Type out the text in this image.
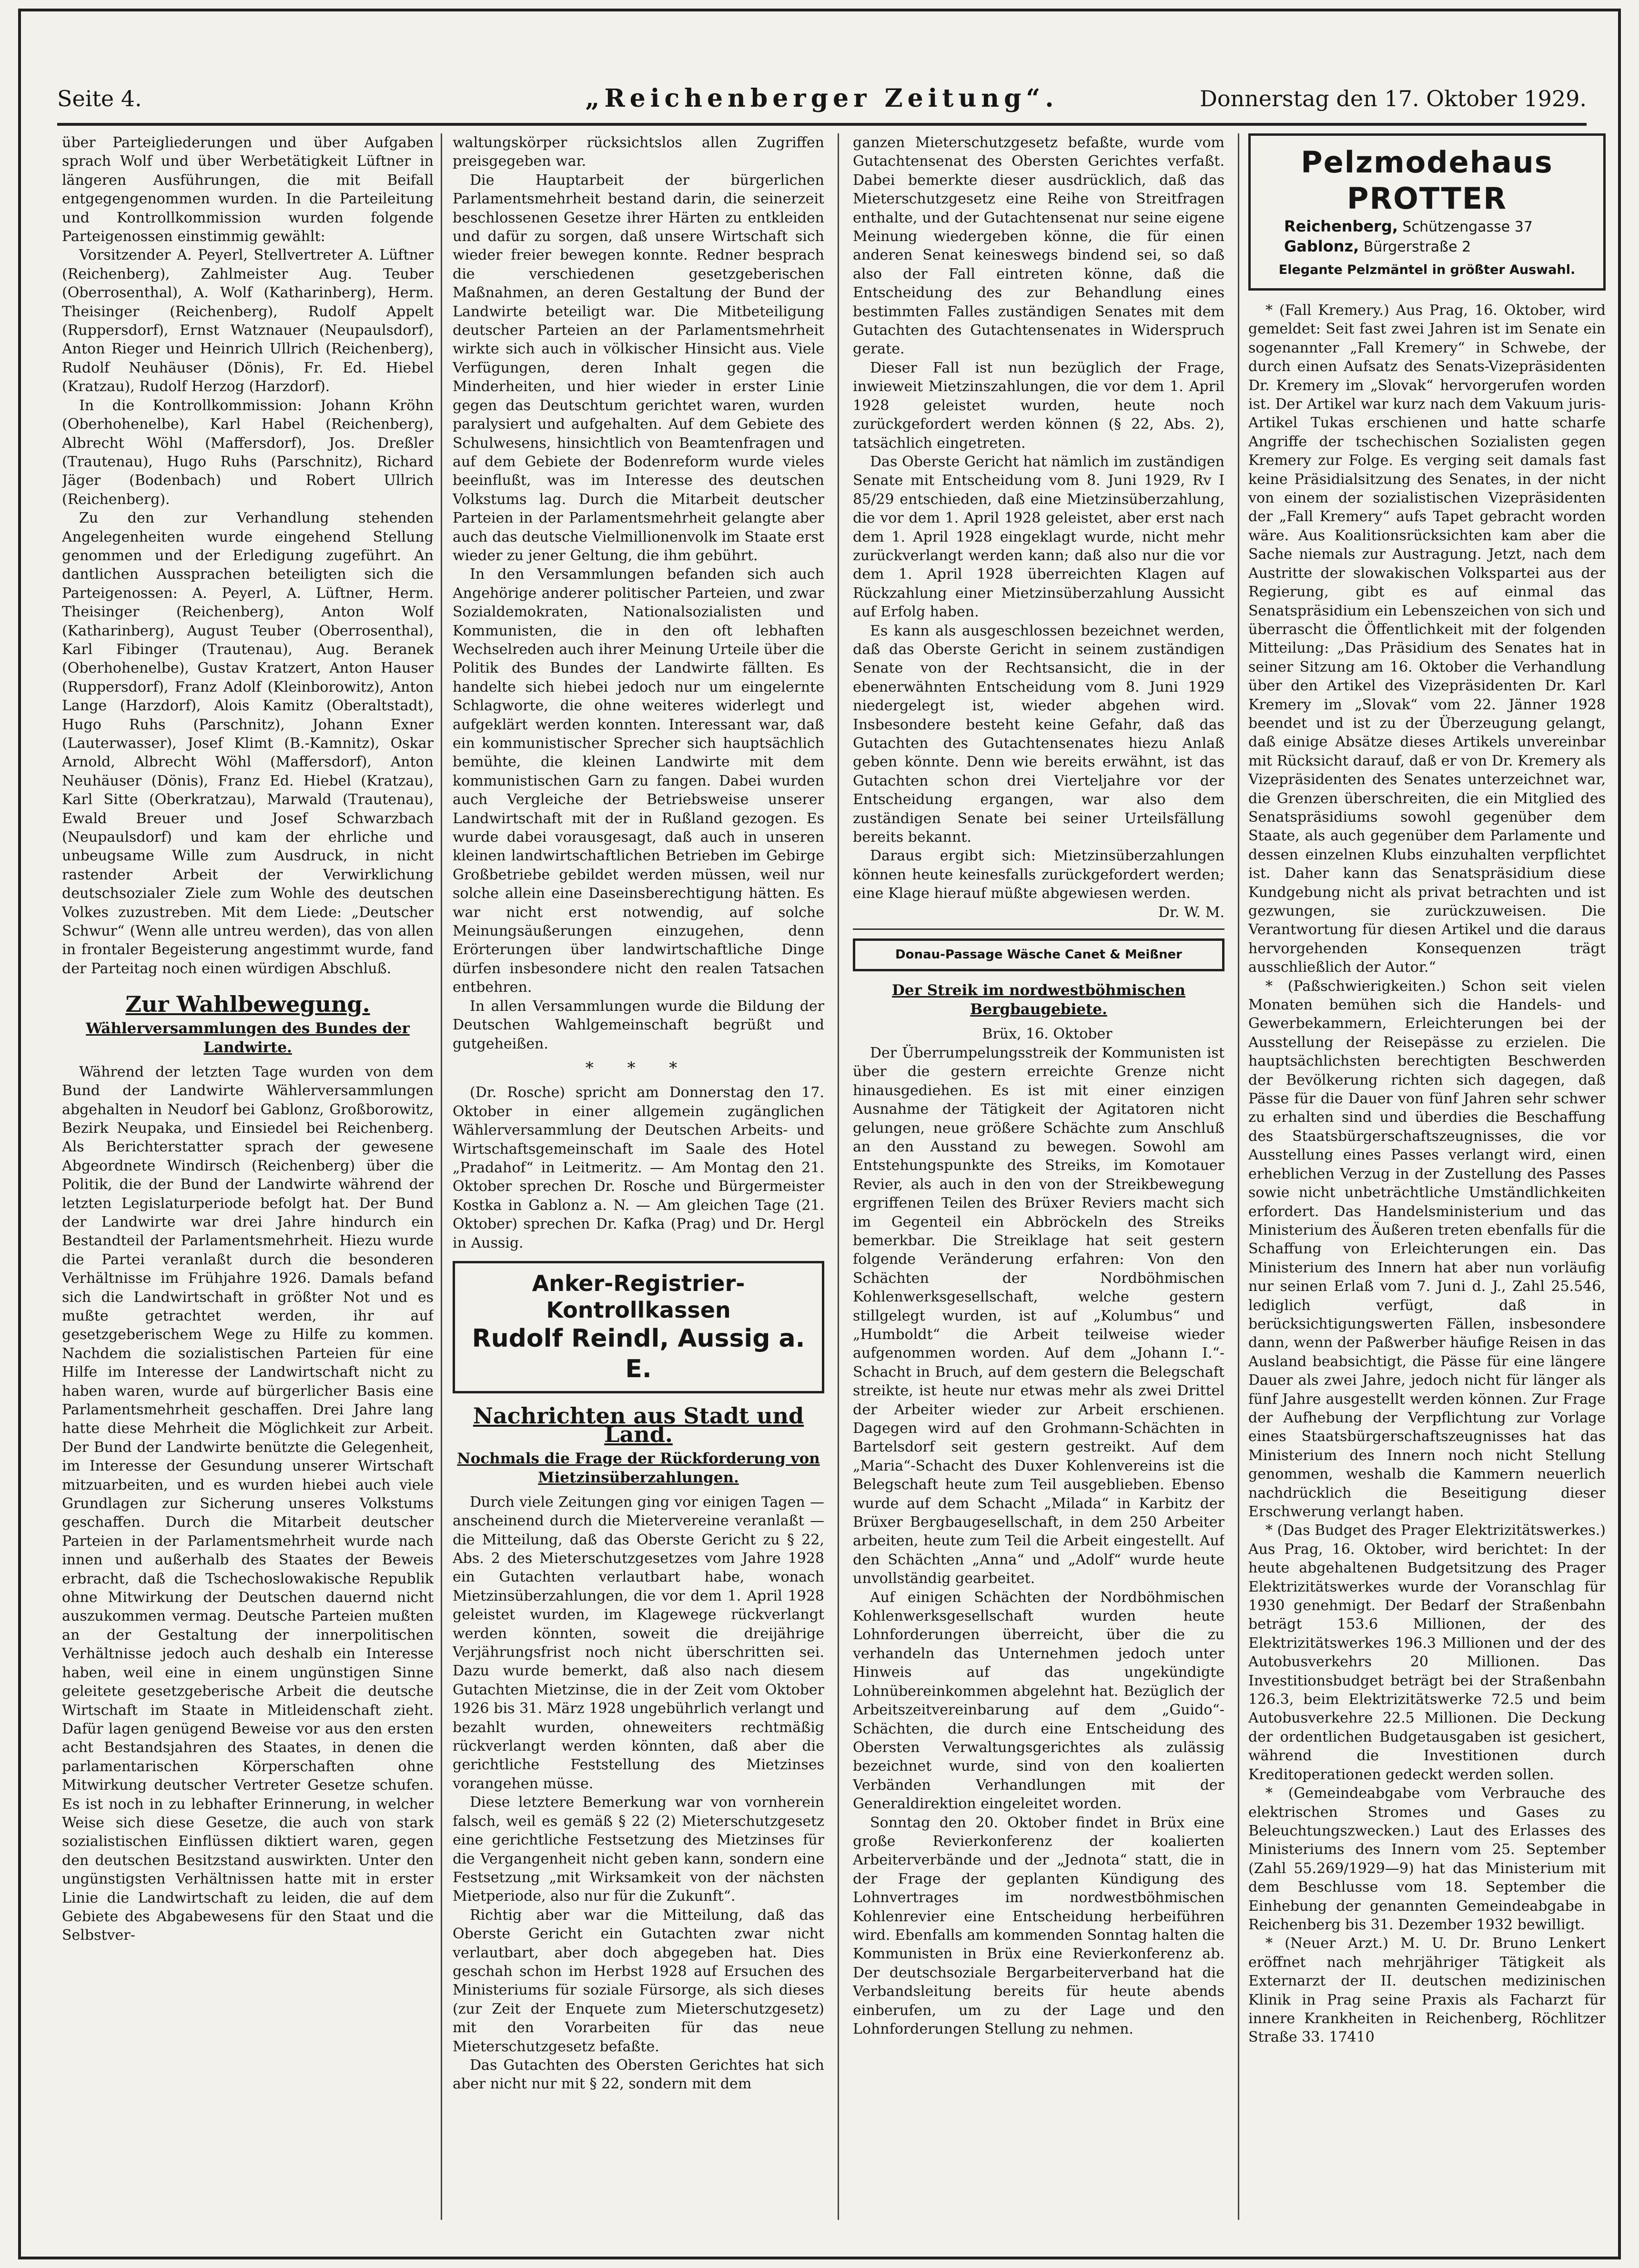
Seite 4.	„Reichenberger Zeitung“.	Donnerstag den 17. Oktober 1929.

über Parteigliederungen und über Aufgaben sprach Wolf und über Werbetätigkeit Lüftner in längeren Ausführungen, die mit Beifall entgegengenommen wurden. In die Parteileitung und Kontrollkommission wurden folgende Parteigenossen einstimmig gewählt:

Vorsitzender A. Peyerl, Stellvertreter A. Lüftner (Reichenberg), Zahlmeister Aug. Teuber (Oberrosenthal), A. Wolf (Katharinberg), Herm. Theisinger (Reichenberg), Rudolf Appelt (Ruppersdorf), Ernst Watznauer (Neupaulsdorf), Anton Rieger und Heinrich Ullrich (Reichenberg), Rudolf Neuhäuser (Dönis), Fr. Ed. Hiebel (Kratzau), Rudolf Herzog (Harzdorf).

In die Kontrollkommission: Johann Kröhn (Oberhohenelbe), Karl Habel (Reichenberg), Albrecht Wöhl (Maffersdorf), Jos. Dreßler (Trautenau), Hugo Ruhs (Parschnitz), Richard Jäger (Bodenbach) und Robert Ullrich (Reichenberg).

Zu den zur Verhandlung stehenden Angelegenheiten wurde eingehend Stellung genommen und der Erledigung zugeführt. An dantlichen Aussprachen beteiligten sich die Parteigenossen: A. Peyerl, A. Lüftner, Herm. Theisinger (Reichenberg), Anton Wolf (Katharinberg), August Teuber (Oberrosenthal), Karl Fibinger (Trautenau), Aug. Beranek (Oberhohenelbe), Gustav Kratzert, Anton Hauser (Ruppersdorf), Franz Adolf (Kleinborowitz), Anton Lange (Harzdorf), Alois Kamitz (Oberaltstadt), Hugo Ruhs (Parschnitz), Johann Exner (Lauterwasser), Josef Klimt (B.-Kamnitz), Oskar Arnold, Albrecht Wöhl (Maffersdorf), Anton Neuhäuser (Dönis), Franz Ed. Hiebel (Kratzau), Karl Sitte (Oberkratzau), Marwald (Trautenau), Ewald Breuer und Josef Schwarzbach (Neupaulsdorf) und kam der ehrliche und unbeugsame Wille zum Ausdruck, in nicht rastender Arbeit der Verwirklichung deutschsozialer Ziele zum Wohle des deutschen Volkes zuzustreben. Mit dem Liede: „Deutscher Schwur“ (Wenn alle untreu werden), das von allen in frontaler Begeisterung angestimmt wurde, fand der Parteitag noch einen würdigen Abschluß.

Zur Wahlbewegung.
Wählerversammlungen des Bundes der Landwirte.

Während der letzten Tage wurden von dem Bund der Landwirte Wählerversammlungen abgehalten in Neudorf bei Gablonz, Großborowitz, Bezirk Neupaka, und Einsiedel bei Reichenberg. Als Berichterstatter sprach der gewesene Abgeordnete Windirsch (Reichenberg) über die Politik, die der Bund der Landwirte während der letzten Legislaturperiode befolgt hat. Der Bund der Landwirte war drei Jahre hindurch ein Bestandteil der Parlamentsmehrheit. Hiezu wurde die Partei veranlaßt durch die besonderen Verhältnisse im Frühjahre 1926. Damals befand sich die Landwirtschaft in größter Not und es mußte getrachtet werden, ihr auf gesetzgeberischem Wege zu Hilfe zu kommen. Nachdem die sozialistischen Parteien für eine Hilfe im Interesse der Landwirtschaft nicht zu haben waren, wurde auf bürgerlicher Basis eine Parlamentsmehrheit geschaffen. Drei Jahre lang hatte diese Mehrheit die Möglichkeit zur Arbeit. Der Bund der Landwirte benützte die Gelegenheit, im Interesse der Gesundung unserer Wirtschaft mitzuarbeiten, und es wurden hiebei auch viele Grundlagen zur Sicherung unseres Volkstums geschaffen. Durch die Mitarbeit deutscher Parteien in der Parlamentsmehrheit wurde nach innen und außerhalb des Staates der Beweis erbracht, daß die Tschechoslowakische Republik ohne Mitwirkung der Deutschen dauernd nicht auszukommen vermag. Deutsche Parteien mußten an der Gestaltung der innerpolitischen Verhältnisse jedoch auch deshalb ein Interesse haben, weil eine in einem ungünstigen Sinne geleitete gesetzgeberische Arbeit die deutsche Wirtschaft im Staate in Mitleidenschaft zieht. Dafür lagen genügend Beweise vor aus den ersten acht Bestandsjahren des Staates, in denen die parlamentarischen Körperschaften ohne Mitwirkung deutscher Vertreter Gesetze schufen. Es ist noch in zu lebhafter Erinnerung, in welcher Weise sich diese Gesetze, die auch von stark sozialistischen Einflüssen diktiert waren, gegen den deutschen Besitzstand auswirkten. Unter den ungünstigsten Verhältnissen hatte mit in erster Linie die Landwirtschaft zu leiden, die auf dem Gebiete des Abgabewesens für den Staat und die Selbstver-

waltungskörper rücksichtslos allen Zugriffen preisgegeben war.

Die Hauptarbeit der bürgerlichen Parlamentsmehrheit bestand darin, die seinerzeit beschlossenen Gesetze ihrer Härten zu entkleiden und dafür zu sorgen, daß unsere Wirtschaft sich wieder freier bewegen konnte. Redner besprach die verschiedenen gesetzgeberischen Maßnahmen, an deren Gestaltung der Bund der Landwirte beteiligt war. Die Mitbeteiligung deutscher Parteien an der Parlamentsmehrheit wirkte sich auch in völkischer Hinsicht aus. Viele Verfügungen, deren Inhalt gegen die Minderheiten, und hier wieder in erster Linie gegen das Deutschtum gerichtet waren, wurden paralysiert und aufgehalten. Auf dem Gebiete des Schulwesens, hinsichtlich von Beamtenfragen und auf dem Gebiete der Bodenreform wurde vieles beeinflußt, was im Interesse des deutschen Volkstums lag. Durch die Mitarbeit deutscher Parteien in der Parlamentsmehrheit gelangte aber auch das deutsche Vielmillionenvolk im Staate erst wieder zu jener Geltung, die ihm gebührt.

In den Versammlungen befanden sich auch Angehörige anderer politischer Parteien, und zwar Sozialdemokraten, Nationalsozialisten und Kommunisten, die in den oft lebhaften Wechselreden auch ihrer Meinung Urteile über die Politik des Bundes der Landwirte fällten. Es handelte sich hiebei jedoch nur um eingelernte Schlagworte, die ohne weiteres widerlegt und aufgeklärt werden konnten. Interessant war, daß ein kommunistischer Sprecher sich hauptsächlich bemühte, die kleinen Landwirte mit dem kommunistischen Garn zu fangen. Dabei wurden auch Vergleiche der Betriebsweise unserer Landwirtschaft mit der in Rußland gezogen. Es wurde dabei vorausgesagt, daß auch in unseren kleinen landwirtschaftlichen Betrieben im Gebirge Großbetriebe gebildet werden müssen, weil nur solche allein eine Daseinsberechtigung hätten. Es war nicht erst notwendig, auf solche Meinungsäußerungen einzugehen, denn Erörterungen über landwirtschaftliche Dinge dürfen insbesondere nicht den realen Tatsachen entbehren.

In allen Versammlungen wurde die Bildung der Deutschen Wahlgemeinschaft begrüßt und gutgeheißen.

* * *

(Dr. Rosche) spricht am Donnerstag den 17. Oktober in einer allgemein zugänglichen Wählerversammlung der Deutschen Arbeits- und Wirtschaftsgemeinschaft im Saale des Hotel „Pradahof“ in Leitmeritz. — Am Montag den 21. Oktober sprechen Dr. Rosche und Bürgermeister Kostka in Gablonz a. N. — Am gleichen Tage (21. Oktober) sprechen Dr. Kafka (Prag) und Dr. Hergl in Aussig.

Anker-Registrier-Kontrollkassen
Rudolf Reindl, Aussig a. E.
Nachrichten aus Stadt und Land.
Nochmals die Frage der Rückforderung von Mietzinsüberzahlungen.

Durch viele Zeitungen ging vor einigen Tagen — anscheinend durch die Mietervereine veranlaßt — die Mitteilung, daß das Oberste Gericht zu § 22, Abs. 2 des Mieterschutzgesetzes vom Jahre 1928 ein Gutachten verlautbart habe, wonach Mietzinsüberzahlungen, die vor dem 1. April 1928 geleistet wurden, im Klagewege rückverlangt werden könnten, soweit die dreijährige Verjährungsfrist noch nicht überschritten sei. Dazu wurde bemerkt, daß also nach diesem Gutachten Mietzinse, die in der Zeit vom Oktober 1926 bis 31. März 1928 ungebührlich verlangt und bezahlt wurden, ohneweiters rechtmäßig rückverlangt werden könnten, daß aber die gerichtliche Feststellung des Mietzinses vorangehen müsse.

Diese letztere Bemerkung war von vornherein falsch, weil es gemäß § 22 (2) Mieterschutzgesetz eine gerichtliche Festsetzung des Mietzinses für die Vergangenheit nicht geben kann, sondern eine Festsetzung „mit Wirksamkeit von der nächsten Mietperiode, also nur für die Zukunft“.

Richtig aber war die Mitteilung, daß das Oberste Gericht ein Gutachten zwar nicht verlautbart, aber doch abgegeben hat. Dies geschah schon im Herbst 1928 auf Ersuchen des Ministeriums für soziale Fürsorge, als sich dieses (zur Zeit der Enquete zum Mieterschutzgesetz) mit den Vorarbeiten für das neue Mieterschutzgesetz befaßte.

Das Gutachten des Obersten Gerichtes hat sich aber nicht nur mit § 22, sondern mit dem

ganzen Mieterschutzgesetz befaßte, wurde vom Gutachtensenat des Obersten Gerichtes verfaßt. Dabei bemerkte dieser ausdrücklich, daß das Mieterschutzgesetz eine Reihe von Streitfragen enthalte, und der Gutachtensenat nur seine eigene Meinung wiedergeben könne, die für einen anderen Senat keineswegs bindend sei, so daß also der Fall eintreten könne, daß die Entscheidung des zur Behandlung eines bestimmten Falles zuständigen Senates mit dem Gutachten des Gutachtensenates in Widerspruch gerate.

Dieser Fall ist nun bezüglich der Frage, inwieweit Mietzinszahlungen, die vor dem 1. April 1928 geleistet wurden, heute noch zurückgefordert werden können (§ 22, Abs. 2), tatsächlich eingetreten.

Das Oberste Gericht hat nämlich im zuständigen Senate mit Entscheidung vom 8. Juni 1929, Rv I 85/29 entschieden, daß eine Mietzinsüberzahlung, die vor dem 1. April 1928 geleistet, aber erst nach dem 1. April 1928 eingeklagt wurde, nicht mehr zurückverlangt werden kann; daß also nur die vor dem 1. April 1928 überreichten Klagen auf Rückzahlung einer Mietzinsüberzahlung Aussicht auf Erfolg haben.

Es kann als ausgeschlossen bezeichnet werden, daß das Oberste Gericht in seinem zuständigen Senate von der Rechtsansicht, die in der ebenerwähnten Entscheidung vom 8. Juni 1929 niedergelegt ist, wieder abgehen wird. Insbesondere besteht keine Gefahr, daß das Gutachten des Gutachtensenates hiezu Anlaß geben könnte. Denn wie bereits erwähnt, ist das Gutachten schon drei Vierteljahre vor der Entscheidung ergangen, war also dem zuständigen Senate bei seiner Urteilsfällung bereits bekannt.

Daraus ergibt sich: Mietzinsüberzahlungen können heute keinesfalls zurückgefordert werden; eine Klage hierauf müßte abgewiesen werden.

Dr. W. M.

Donau-Passage Wäsche Canet & Meißner
Der Streik im nordwestböhmischen Bergbaugebiete.

Brüx, 16. Oktober

Der Überrumpelungsstreik der Kommunisten ist über die gestern erreichte Grenze nicht hinausgediehen. Es ist mit einer einzigen Ausnahme der Tätigkeit der Agitatoren nicht gelungen, neue größere Schächte zum Anschluß an den Ausstand zu bewegen. Sowohl am Entstehungspunkte des Streiks, im Komotauer Revier, als auch in den von der Streikbewegung ergriffenen Teilen des Brüxer Reviers macht sich im Gegenteil ein Abbröckeln des Streiks bemerkbar. Die Streiklage hat seit gestern folgende Veränderung erfahren: Von den Schächten der Nordböhmischen Kohlenwerksgesellschaft, welche gestern stillgelegt wurden, ist auf „Kolumbus“ und „Humboldt“ die Arbeit teilweise wieder aufgenommen worden. Auf dem „Johann I.“-Schacht in Bruch, auf dem gestern die Belegschaft streikte, ist heute nur etwas mehr als zwei Drittel der Arbeiter wieder zur Arbeit erschienen. Dagegen wird auf den Grohmann-Schächten in Bartelsdorf seit gestern gestreikt. Auf dem „Maria“-Schacht des Duxer Kohlenvereins ist die Belegschaft heute zum Teil ausgeblieben. Ebenso wurde auf dem Schacht „Milada“ in Karbitz der Brüxer Bergbaugesellschaft, in dem 250 Arbeiter arbeiten, heute zum Teil die Arbeit eingestellt. Auf den Schächten „Anna“ und „Adolf“ wurde heute unvollständig gearbeitet.

Auf einigen Schächten der Nordböhmischen Kohlenwerksgesellschaft wurden heute Lohnforderungen überreicht, über die zu verhandeln das Unternehmen jedoch unter Hinweis auf das ungekündigte Lohnübereinkommen abgelehnt hat. Bezüglich der Arbeitszeitvereinbarung auf dem „Guido“-Schächten, die durch eine Entscheidung des Obersten Verwaltungsgerichtes als zulässig bezeichnet wurde, sind von den koalierten Verbänden Verhandlungen mit der Generaldirektion eingeleitet worden.

Sonntag den 20. Oktober findet in Brüx eine große Revierkonferenz der koalierten Arbeiterverbände und der „Jednota“ statt, die in der Frage der geplanten Kündigung des Lohnvertrages im nordwestböhmischen Kohlenrevier eine Entscheidung herbeiführen wird. Ebenfalls am kommenden Sonntag halten die Kommunisten in Brüx eine Revierkonferenz ab. Der deutschsoziale Bergarbeiterverband hat die Verbandsleitung bereits für heute abends einberufen, um zu der Lage und den Lohnforderungen Stellung zu nehmen.

Pelzmodehaus PROTTER
Reichenberg, Schützengasse 37
Gablonz, Bürgerstraße 2
Elegante Pelzmäntel in größter Auswahl.

* (Fall Kremery.) Aus Prag, 16. Oktober, wird gemeldet: Seit fast zwei Jahren ist im Senate ein sogenannter „Fall Kremery“ in Schwebe, der durch einen Aufsatz des Senats-Vizepräsidenten Dr. Kremery im „Slovak“ hervorgerufen worden ist. Der Artikel war kurz nach dem Vakuum juris-Artikel Tukas erschienen und hatte scharfe Angriffe der tschechischen Sozialisten gegen Kremery zur Folge. Es verging seit damals fast keine Präsidialsitzung des Senates, in der nicht von einem der sozialistischen Vizepräsidenten der „Fall Kremery“ aufs Tapet gebracht worden wäre. Aus Koalitionsrücksichten kam aber die Sache niemals zur Austragung. Jetzt, nach dem Austritte der slowakischen Volkspartei aus der Regierung, gibt es auf einmal das Senatspräsidium ein Lebenszeichen von sich und überrascht die Öffentlichkeit mit der folgenden Mitteilung: „Das Präsidium des Senates hat in seiner Sitzung am 16. Oktober die Verhandlung über den Artikel des Vizepräsidenten Dr. Karl Kremery im „Slovak“ vom 22. Jänner 1928 beendet und ist zu der Überzeugung gelangt, daß einige Absätze dieses Artikels unvereinbar mit Rücksicht darauf, daß er von Dr. Kremery als Vizepräsidenten des Senates unterzeichnet war, die Grenzen überschreiten, die ein Mitglied des Senatspräsidiums sowohl gegenüber dem Staate, als auch gegenüber dem Parlamente und dessen einzelnen Klubs einzuhalten verpflichtet ist. Daher kann das Senatspräsidium diese Kundgebung nicht als privat betrachten und ist gezwungen, sie zurückzuweisen. Die Verantwortung für diesen Artikel und die daraus hervorgehenden Konsequenzen trägt ausschließlich der Autor.“

* (Paßschwierigkeiten.) Schon seit vielen Monaten bemühen sich die Handels- und Gewerbekammern, Erleichterungen bei der Ausstellung der Reisepässe zu erzielen. Die hauptsächlichsten berechtigten Beschwerden der Bevölkerung richten sich dagegen, daß Pässe für die Dauer von fünf Jahren sehr schwer zu erhalten sind und überdies die Beschaffung des Staatsbürgerschaftszeugnisses, die vor Ausstellung eines Passes verlangt wird, einen erheblichen Verzug in der Zustellung des Passes sowie nicht unbeträchtliche Umständlichkeiten erfordert. Das Handelsministerium und das Ministerium des Äußeren treten ebenfalls für die Schaffung von Erleichterungen ein. Das Ministerium des Innern hat aber nun vorläufig nur seinen Erlaß vom 7. Juni d. J., Zahl 25.546, lediglich verfügt, daß in berücksichtigungswerten Fällen, insbesondere dann, wenn der Paßwerber häufige Reisen in das Ausland beabsichtigt, die Pässe für eine längere Dauer als zwei Jahre, jedoch nicht für länger als fünf Jahre ausgestellt werden können. Zur Frage der Aufhebung der Verpflichtung zur Vorlage eines Staatsbürgerschaftszeugnisses hat das Ministerium des Innern noch nicht Stellung genommen, weshalb die Kammern neuerlich nachdrücklich die Beseitigung dieser Erschwerung verlangt haben.

* (Das Budget des Prager Elektrizitätswerkes.) Aus Prag, 16. Oktober, wird berichtet: In der heute abgehaltenen Budgetsitzung des Prager Elektrizitätswerkes wurde der Voranschlag für 1930 genehmigt. Der Bedarf der Straßenbahn beträgt 153.6 Millionen, der des Elektrizitätswerkes 196.3 Millionen und der des Autobusverkehrs 20 Millionen. Das Investitionsbudget beträgt bei der Straßenbahn 126.3, beim Elektrizitätswerke 72.5 und beim Autobusverkehre 22.5 Millionen. Die Deckung der ordentlichen Budgetausgaben ist gesichert, während die Investitionen durch Kreditoperationen gedeckt werden sollen.

* (Gemeindeabgabe vom Verbrauche des elektrischen Stromes und Gases zu Beleuchtungszwecken.) Laut des Erlasses des Ministeriums des Innern vom 25. September (Zahl 55.269/1929—9) hat das Ministerium mit dem Beschlusse vom 18. September die Einhebung der genannten Gemeindeabgabe in Reichenberg bis 31. Dezember 1932 bewilligt.

* (Neuer Arzt.) M. U. Dr. Bruno Lenkert eröffnet nach mehrjähriger Tätigkeit als Externarzt der II. deutschen medizinischen Klinik in Prag seine Praxis als Facharzt für innere Krankheiten in Reichenberg, Röchlitzer Straße 33. 17410
